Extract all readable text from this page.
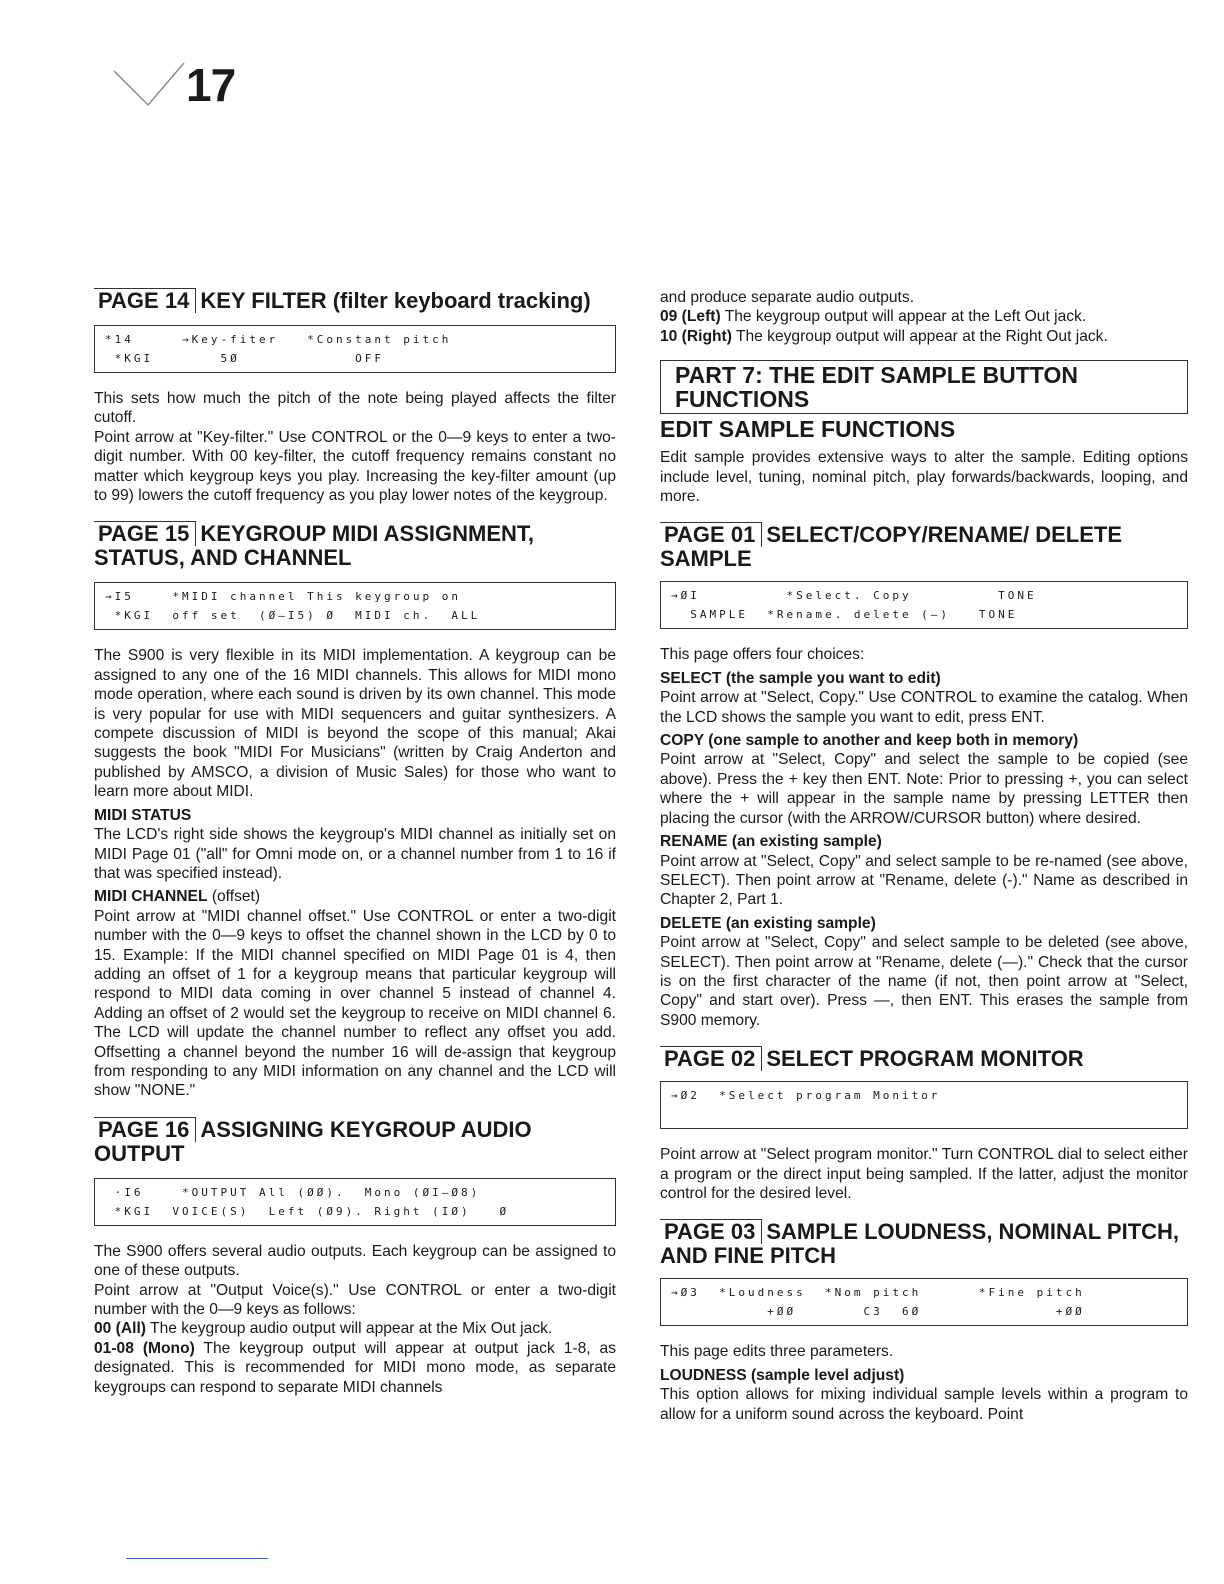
17
PAGE 14 KEY FILTER (filter keyboard tracking)
*14     →Key-fiter   *Constant pitch
*KGI       5Ø            OFF

This sets how much the pitch of the note being played affects the filter cutoff.

Point arrow at "Key-filter." Use CONTROL or the 0—9 keys to enter a two-digit number. With 00 key-filter, the cutoff frequency remains constant no matter which keygroup keys you play. Increasing the key-filter amount (up to 99) lowers the cutoff frequency as you play lower notes of the keygroup.

PAGE 15 KEYGROUP MIDI ASSIGNMENT, STATUS, AND CHANNEL
→I5    *MIDI channel This keygroup on
*KGI  off set  (Ø—I5) Ø  MIDI ch.  ALL

The S900 is very flexible in its MIDI implementation. A keygroup can be assigned to any one of the 16 MIDI channels. This allows for MIDI mono mode operation, where each sound is driven by its own channel. This mode is very popular for use with MIDI sequencers and guitar synthesizers. A compete discussion of MIDI is beyond the scope of this manual; Akai suggests the book "MIDI For Musicians" (written by Craig Anderton and published by AMSCO, a division of Music Sales) for those who want to learn more about MIDI.

MIDI STATUS

The LCD's right side shows the keygroup's MIDI channel as initially set on MIDI Page 01 ("all" for Omni mode on, or a channel number from 1 to 16 if that was specified instead).

MIDI CHANNEL (offset)

Point arrow at "MIDI channel offset." Use CONTROL or enter a two-digit number with the 0—9 keys to offset the channel shown in the LCD by 0 to 15. Example: If the MIDI channel specified on MIDI Page 01 is 4, then adding an offset of 1 for a keygroup means that particular keygroup will respond to MIDI data coming in over channel 5 instead of channel 4. Adding an offset of 2 would set the keygroup to receive on MIDI channel 6. The LCD will update the channel number to reflect any offset you add. Offsetting a channel beyond the number 16 will de-assign that keygroup from responding to any MIDI information on any channel and the LCD will show "NONE."

PAGE 16 ASSIGNING KEYGROUP AUDIO OUTPUT
·I6    *OUTPUT All (ØØ).  Mono (ØI—Ø8)
*KGI  VOICE(S)  Left (Ø9). Right (IØ)   Ø

The S900 offers several audio outputs. Each keygroup can be assigned to one of these outputs.

Point arrow at "Output Voice(s)." Use CONTROL or enter a two-digit number with the 0—9 keys as follows:

00 (All) The keygroup audio output will appear at the Mix Out jack.

01-08 (Mono) The keygroup output will appear at output jack 1-8, as designated. This is recommended for MIDI mono mode, as separate keygroups can respond to separate MIDI channels

and produce separate audio outputs.

09 (Left) The keygroup output will appear at the Left Out jack.

10 (Right) The keygroup output will appear at the Right Out jack.

PART 7: THE EDIT SAMPLE BUTTON FUNCTIONS
EDIT SAMPLE FUNCTIONS

Edit sample provides extensive ways to alter the sample. Editing options include level, tuning, nominal pitch, play forwards/backwards, looping, and more.

PAGE 01 SELECT/COPY/RENAME/ DELETE SAMPLE
→ØI         *Select. Copy         TONE
SAMPLE  *Rename. delete (—)   TONE

This page offers four choices:

SELECT (the sample you want to edit)

Point arrow at "Select, Copy." Use CONTROL to examine the catalog. When the LCD shows the sample you want to edit, press ENT.

COPY (one sample to another and keep both in memory)

Point arrow at "Select, Copy" and select the sample to be copied (see above). Press the + key then ENT. Note: Prior to pressing +, you can select where the + will appear in the sample name by pressing LETTER then placing the cursor (with the ARROW/CURSOR button) where desired.

RENAME (an existing sample)

Point arrow at "Select, Copy" and select sample to be re-named (see above, SELECT). Then point arrow at "Rename, delete (-)." Name as described in Chapter 2, Part 1.

DELETE (an existing sample)

Point arrow at "Select, Copy" and select sample to be deleted (see above, SELECT). Then point arrow at "Rename, delete (—)." Check that the cursor is on the first character of the name (if not, then point arrow at "Select, Copy" and start over). Press —, then ENT. This erases the sample from S900 memory.

PAGE 02 SELECT PROGRAM MONITOR
→Ø2  *Select program Monitor

Point arrow at "Select program monitor." Turn CONTROL dial to select either a program or the direct input being sampled. If the latter, adjust the monitor control for the desired level.

PAGE 03 SAMPLE LOUDNESS, NOMINAL PITCH, AND FINE PITCH
→Ø3  *Loudness  *Nom pitch      *Fine pitch
+ØØ       C3  6Ø              +ØØ

This page edits three parameters.

LOUDNESS (sample level adjust)

This option allows for mixing individual sample levels within a program to allow for a uniform sound across the keyboard. Point
